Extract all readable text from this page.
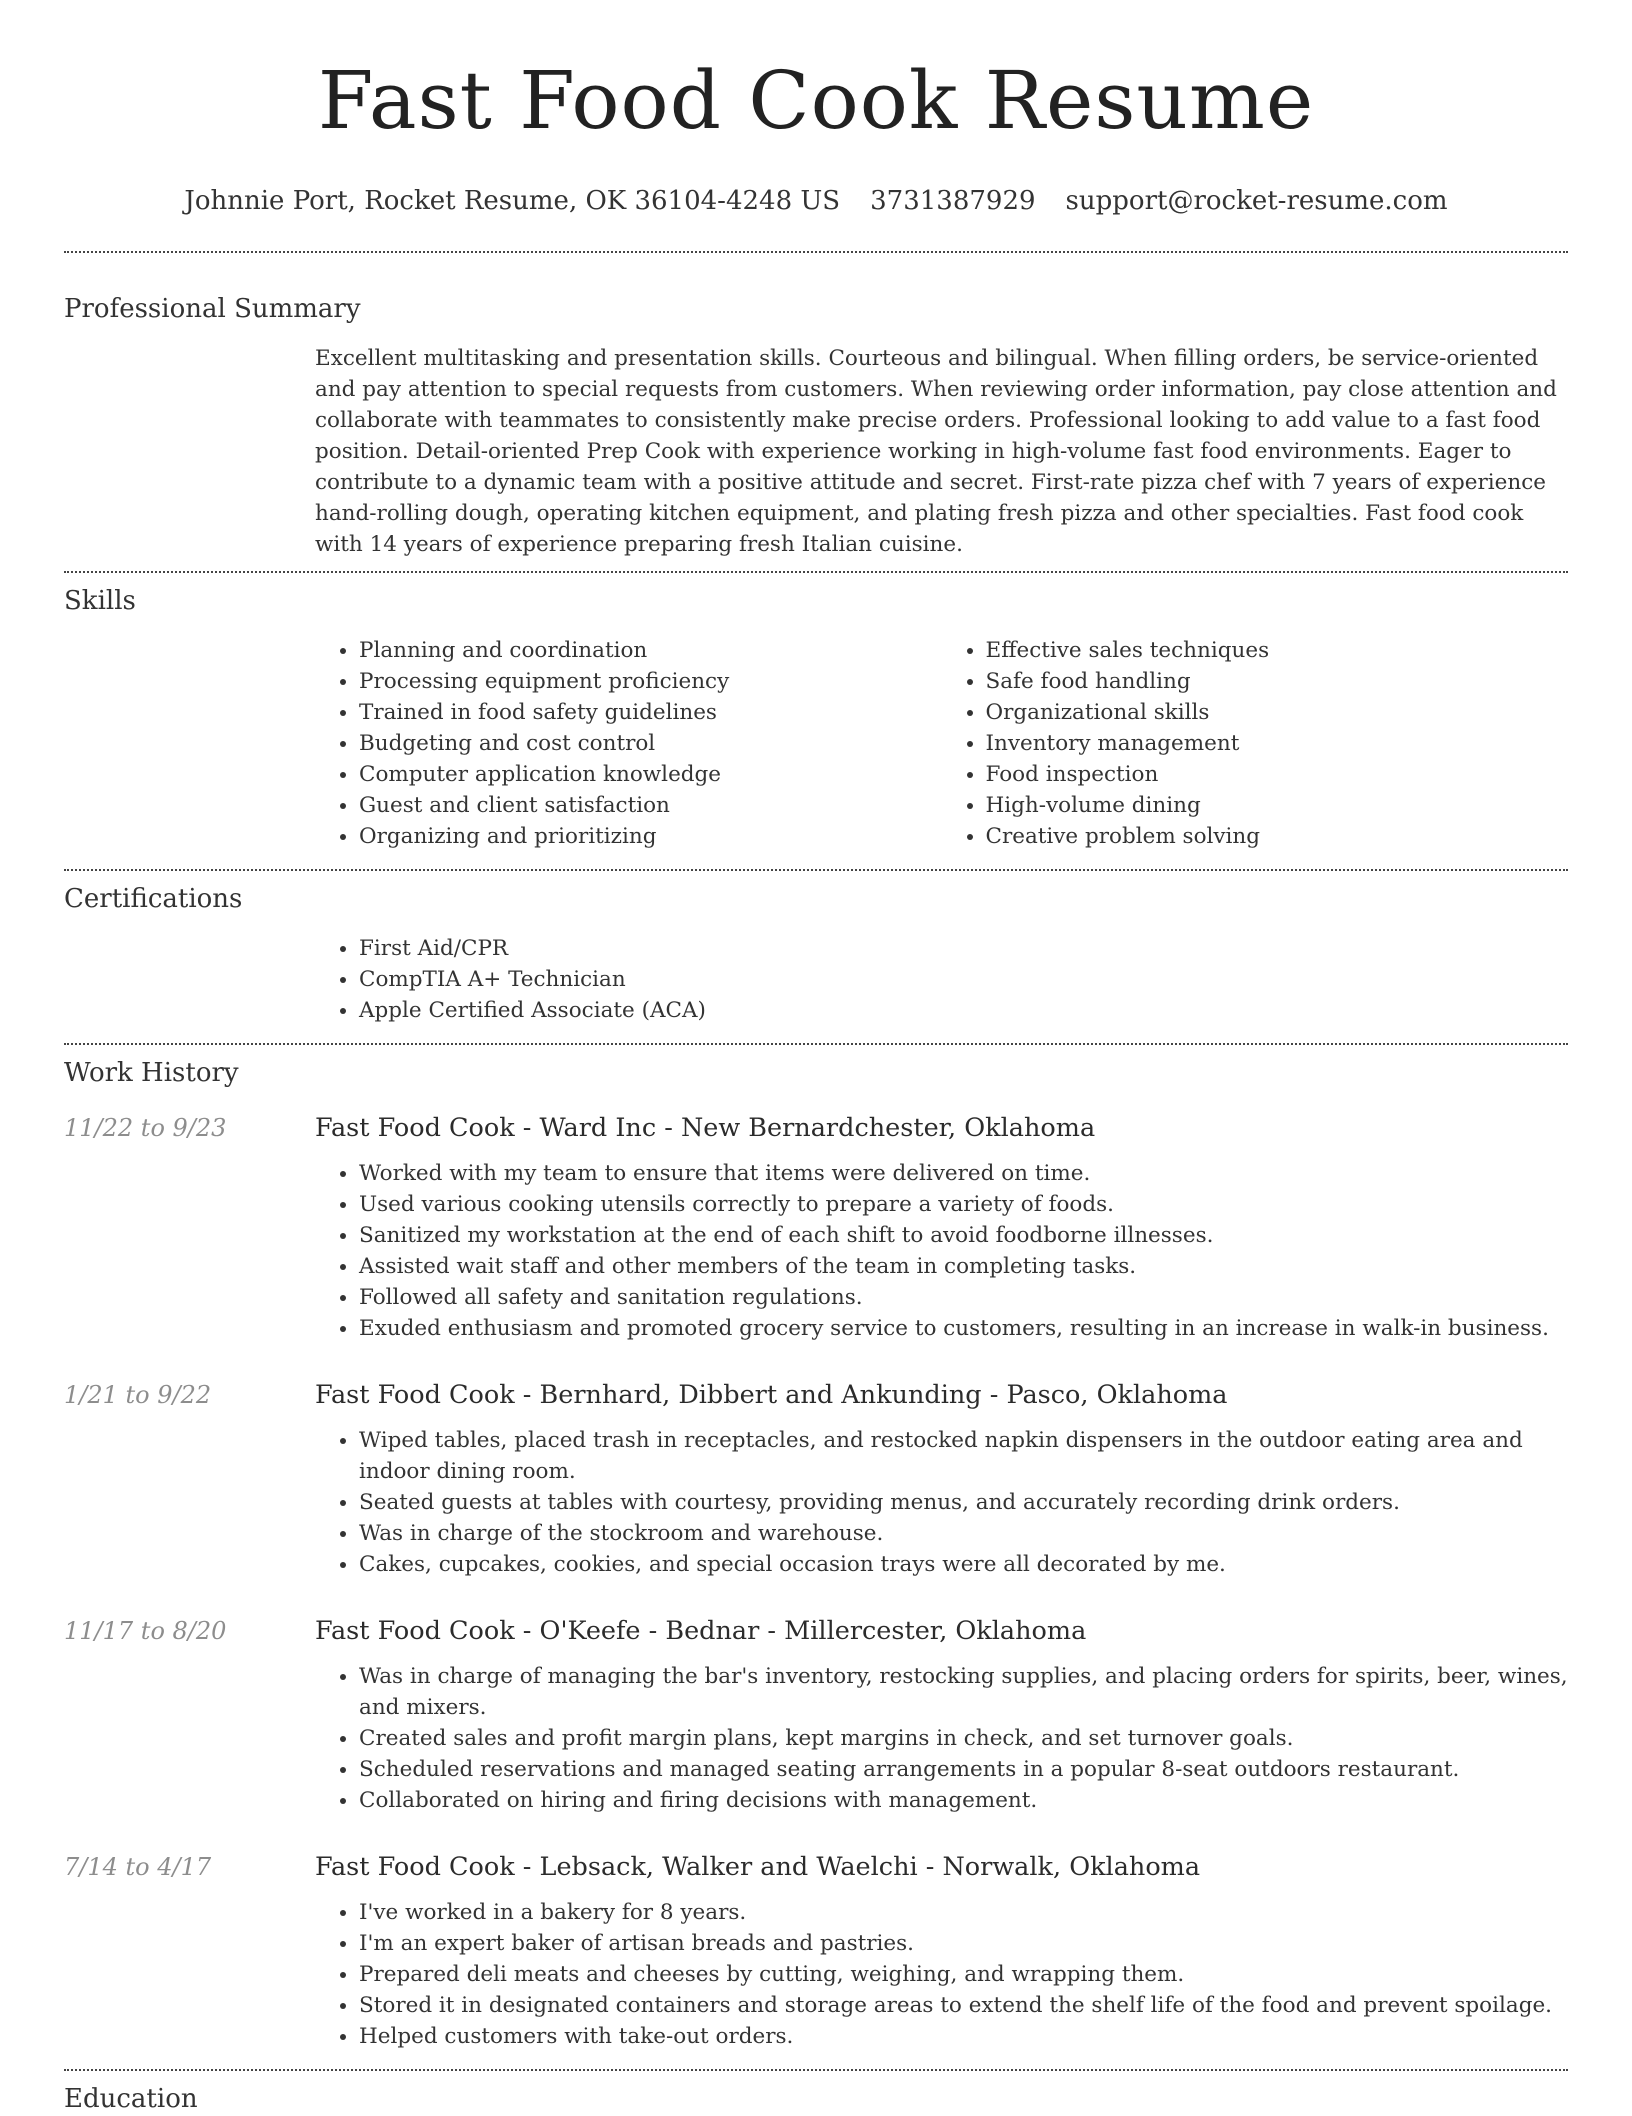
Fast Food Cook Resume
Johnnie Port, Rocket Resume, OK 36104-4248 US 3731387929 support@rocket-resume.com
Professional Summary

Excellent multitasking and presentation skills. Courteous and bilingual. When filling orders, be service-oriented and pay attention to special requests from customers. When reviewing order information, pay close attention and collaborate with teammates to consistently make precise orders. Professional looking to add value to a fast food position. Detail-oriented Prep Cook with experience working in high-volume fast food environments. Eager to contribute to a dynamic team with a positive attitude and secret. First-rate pizza chef with 7 years of experience hand-rolling dough, operating kitchen equipment, and plating fresh pizza and other specialties. Fast food cook with 14 years of experience preparing fresh Italian cuisine.

Skills
• Planning and coordination
• Processing equipment proficiency
• Trained in food safety guidelines
• Budgeting and cost control
• Computer application knowledge
• Guest and client satisfaction
• Organizing and prioritizing
• Effective sales techniques
• Safe food handling
• Organizational skills
• Inventory management
• Food inspection
• High-volume dining
• Creative problem solving
Certifications
• First Aid/CPR
• CompTIA A+ Technician
• Apple Certified Associate (ACA)
Work History
11/22 to 9/23	Fast Food Cook - Ward Inc - New Bernardchester, Oklahoma
• Worked with my team to ensure that items were delivered on time.
• Used various cooking utensils correctly to prepare a variety of foods.
• Sanitized my workstation at the end of each shift to avoid foodborne illnesses.
• Assisted wait staff and other members of the team in completing tasks.
• Followed all safety and sanitation regulations.
• Exuded enthusiasm and promoted grocery service to customers, resulting in an increase in walk-in business.
1/21 to 9/22	Fast Food Cook - Bernhard, Dibbert and Ankunding - Pasco, Oklahoma
• Wiped tables, placed trash in receptacles, and restocked napkin dispensers in the outdoor eating area and indoor dining room.
• Seated guests at tables with courtesy, providing menus, and accurately recording drink orders.
• Was in charge of the stockroom and warehouse.
• Cakes, cupcakes, cookies, and special occasion trays were all decorated by me.
11/17 to 8/20	Fast Food Cook - O'Keefe - Bednar - Millercester, Oklahoma
• Was in charge of managing the bar's inventory, restocking supplies, and placing orders for spirits, beer, wines, and mixers.
• Created sales and profit margin plans, kept margins in check, and set turnover goals.
• Scheduled reservations and managed seating arrangements in a popular 8-seat outdoors restaurant.
• Collaborated on hiring and firing decisions with management.
7/14 to 4/17	Fast Food Cook - Lebsack, Walker and Waelchi - Norwalk, Oklahoma
• I've worked in a bakery for 8 years.
• I'm an expert baker of artisan breads and pastries.
• Prepared deli meats and cheeses by cutting, weighing, and wrapping them.
• Stored it in designated containers and storage areas to extend the shelf life of the food and prevent spoilage.
• Helped customers with take-out orders.
Education
